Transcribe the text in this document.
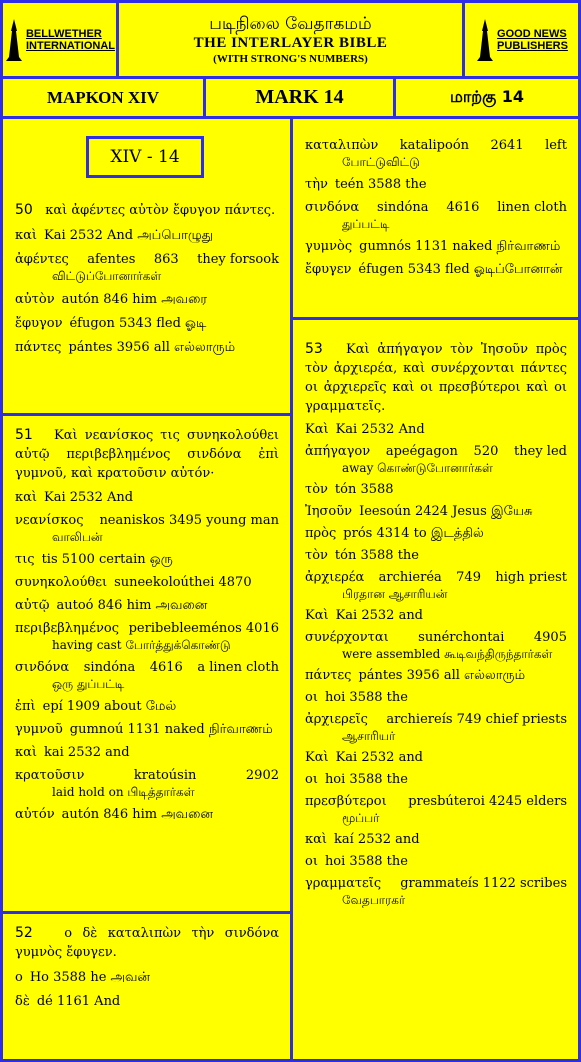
BELLWETHER
INTERNATIONAL
படிநிலை வேதாகமம்
THE INTERLAYER BIBLE
(WITH STRONG'S NUMBERS)
GOOD NEWS
PUBLISHERS
ΜΑΡΚΟΝ XIV	MARK 14	மாற்கு 14
XIV - 14
50 καὶ ἀφέντες αὐτὸν ἔφυγον πάντες.
καὶ Kai 2532 And அப்பொழுது
ἀφέντες afentes 863 they forsook
விட்டுப்போனார்கள்
αὐτὸν autón 846 him அவரை
ἔφυγον éfugon 5343 fled ஓடி
πάντες pántes 3956 all எல்லாரும்
51 Καὶ νεανίσκος τις συνηκολούθει αὐτῷ περιβεβλημένος σινδόνα ἐπὶ γυμνοῦ, καὶ κρατοῦσιν αὐτόν·
καὶ Kai 2532 And
νεανίσκος neaniskos 3495 young man
வாலிபன்
τις tis 5100 certain ஒரு
συνηκολούθει suneekoloúthei 4870
αὐτῷ autoó 846 him அவனை
περιβεβλημένος peribebleeménos 4016
having cast போர்த்துக்கொண்டு
σινδόνα sindóna 4616 a linen cloth
ஒரு துப்பட்டி
ἐπὶ epí 1909 about மேல்
γυμνοῦ gumnoú 1131 naked நிர்வாணம்
καὶ kai 2532 and
κρατοῦσιν	kratoúsin	2902
laid hold on பிடித்தார்கள்
αὐτόν autón 846 him அவனை
52 ο δὲ καταλιπὼν τὴν σινδόνα γυμνὸς ἔφυγεν.
ο Ho 3588 he அவன்
δὲ dé 1161 And
καταλιπὼν katalipoón 2641 left
போட்டுவிட்டு
τὴν teén 3588 the
σινδόνα sindóna 4616 linen cloth
துப்பட்டி
γυμνὸς gumnós 1131 naked நிர்வாணம்
ἔφυγεν éfugen 5343 fled ஓடிப்போனான்
53 Καὶ ἀπήγαγον τὸν Ἰησοῦν πρὸς τὸν ἀρχιερέα, καὶ συνέρχονται πάντες οι ἀρχιερεῖς καὶ οι πρεσβύτεροι καὶ οι γραμματεῖς.
Καὶ Kai 2532 And
ἀπήγαγον apeégagon 520 they led
away கொண்டுபோனார்கள்
τὸν tón 3588
Ἰησοῦν Ieesoún 2424 Jesus இயேசு
πρὸς prós 4314 to இடத்தில்
τὸν tón 3588 the
ἀρχιερέα archieréa 749 high priest
பிரதான ஆசாரியன்
Καὶ Kai 2532 and
συνέρχονται sunérchontai 4905
were assembled கூடிவந்திருந்தார்கள்
πάντες pántes 3956 all எல்லாரும்
οι hoi 3588 the
ἀρχιερεῖς archiereís 749 chief priests
ஆசாரியர்
Καὶ Kai 2532 and
οι hoi 3588 the
πρεσβύτεροι presbúteroi 4245 elders
மூப்பர்
καὶ kaí 2532 and
οι hoi 3588 the
γραμματεῖς grammateís 1122 scribes
வேதபாரகர்
